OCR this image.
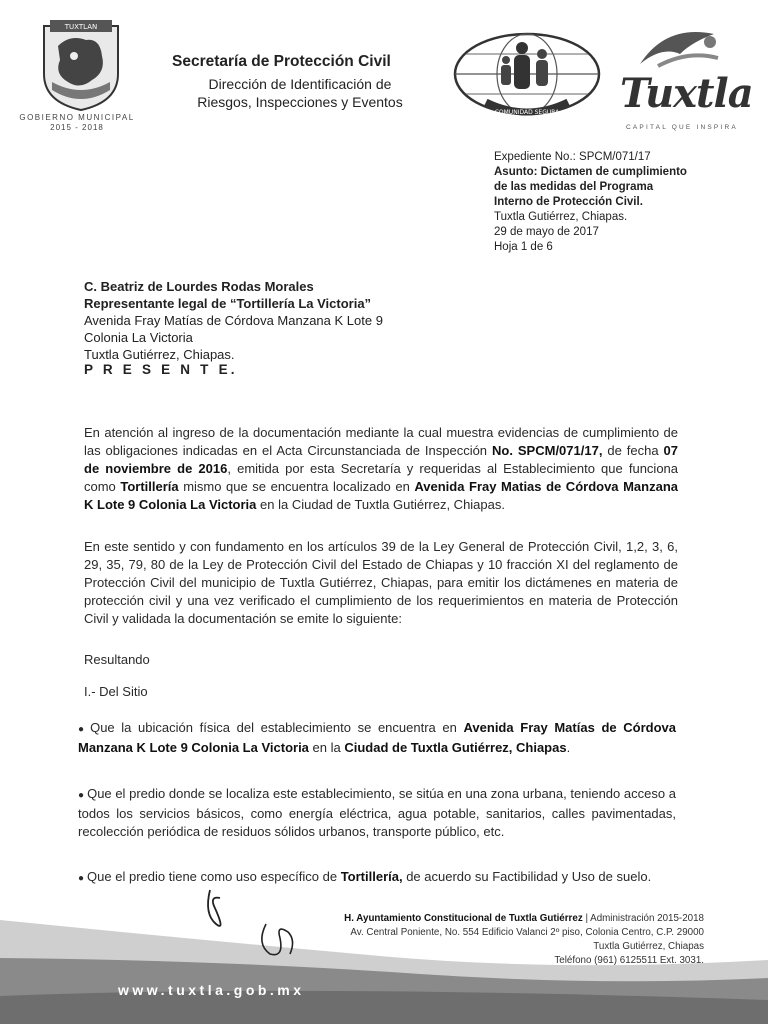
TUXTLAN
GOBIERNO MUNICIPAL
2015 - 2018
Secretaría de Protección Civil
Dirección de Identificación de
Riesgos, Inspecciones y Eventos
COMUNIDAD SEGURA Tuxtla
CAPITAL QUE INSPIRA
Expediente No.: SPCM/071/17
Asunto: Dictamen de cumplimiento
de las medidas del Programa
Interno de Protección Civil.
Tuxtla Gutiérrez, Chiapas.
29 de mayo de 2017
Hoja 1 de 6
C. Beatriz de Lourdes Rodas Morales
Representante legal de “Tortillería La Victoria”
Avenida Fray Matías de Córdova Manzana K Lote 9
Colonia La Victoria
Tuxtla Gutiérrez, Chiapas.
P R E S E N T E.
En atención al ingreso de la documentación mediante la cual muestra evidencias de cumplimiento de las obligaciones indicadas en el Acta Circunstanciada de Inspección No. SPCM/071/17, de fecha 07 de noviembre de 2016, emitida por esta Secretaría y requeridas al Establecimiento que funciona como Tortillería mismo que se encuentra localizado en Avenida Fray Matias de Córdova Manzana K Lote 9 Colonia La Victoria en la Ciudad de Tuxtla Gutiérrez, Chiapas.
En este sentido y con fundamento en los artículos 39 de la Ley General de Protección Civil, 1,2, 3, 6, 29, 35, 79, 80 de la Ley de Protección Civil del Estado de Chiapas y 10 fracción XI del reglamento de Protección Civil del municipio de Tuxtla Gutiérrez, Chiapas, para emitir los dictámenes en materia de protección civil y una vez verificado el cumplimiento de los requerimientos en materia de Protección Civil y validada la documentación se emite lo siguiente:
Resultando
I.- Del Sitio
● Que la ubicación física del establecimiento se encuentra en Avenida Fray Matías de Córdova Manzana K Lote 9 Colonia La Victoria en la Ciudad de Tuxtla Gutiérrez, Chiapas.
● Que el predio donde se localiza este establecimiento, se sitúa en una zona urbana, teniendo acceso a todos los servicios básicos, como energía eléctrica, agua potable, sanitarios, calles pavimentadas, recolección periódica de residuos sólidos urbanos, transporte público, etc.
● Que el predio tiene como uso específico de Tortillería, de acuerdo su Factibilidad y Uso de suelo.
www.tuxtla.gob.mx
H. Ayuntamiento Constitucional de Tuxtla Gutiérrez | Administración 2015-2018
Av. Central Poniente, No. 554 Edificio Valanci 2º piso, Colonia Centro, C.P. 29000
Tuxtla Gutiérrez, Chiapas
Teléfono (961) 6125511 Ext. 3031.
